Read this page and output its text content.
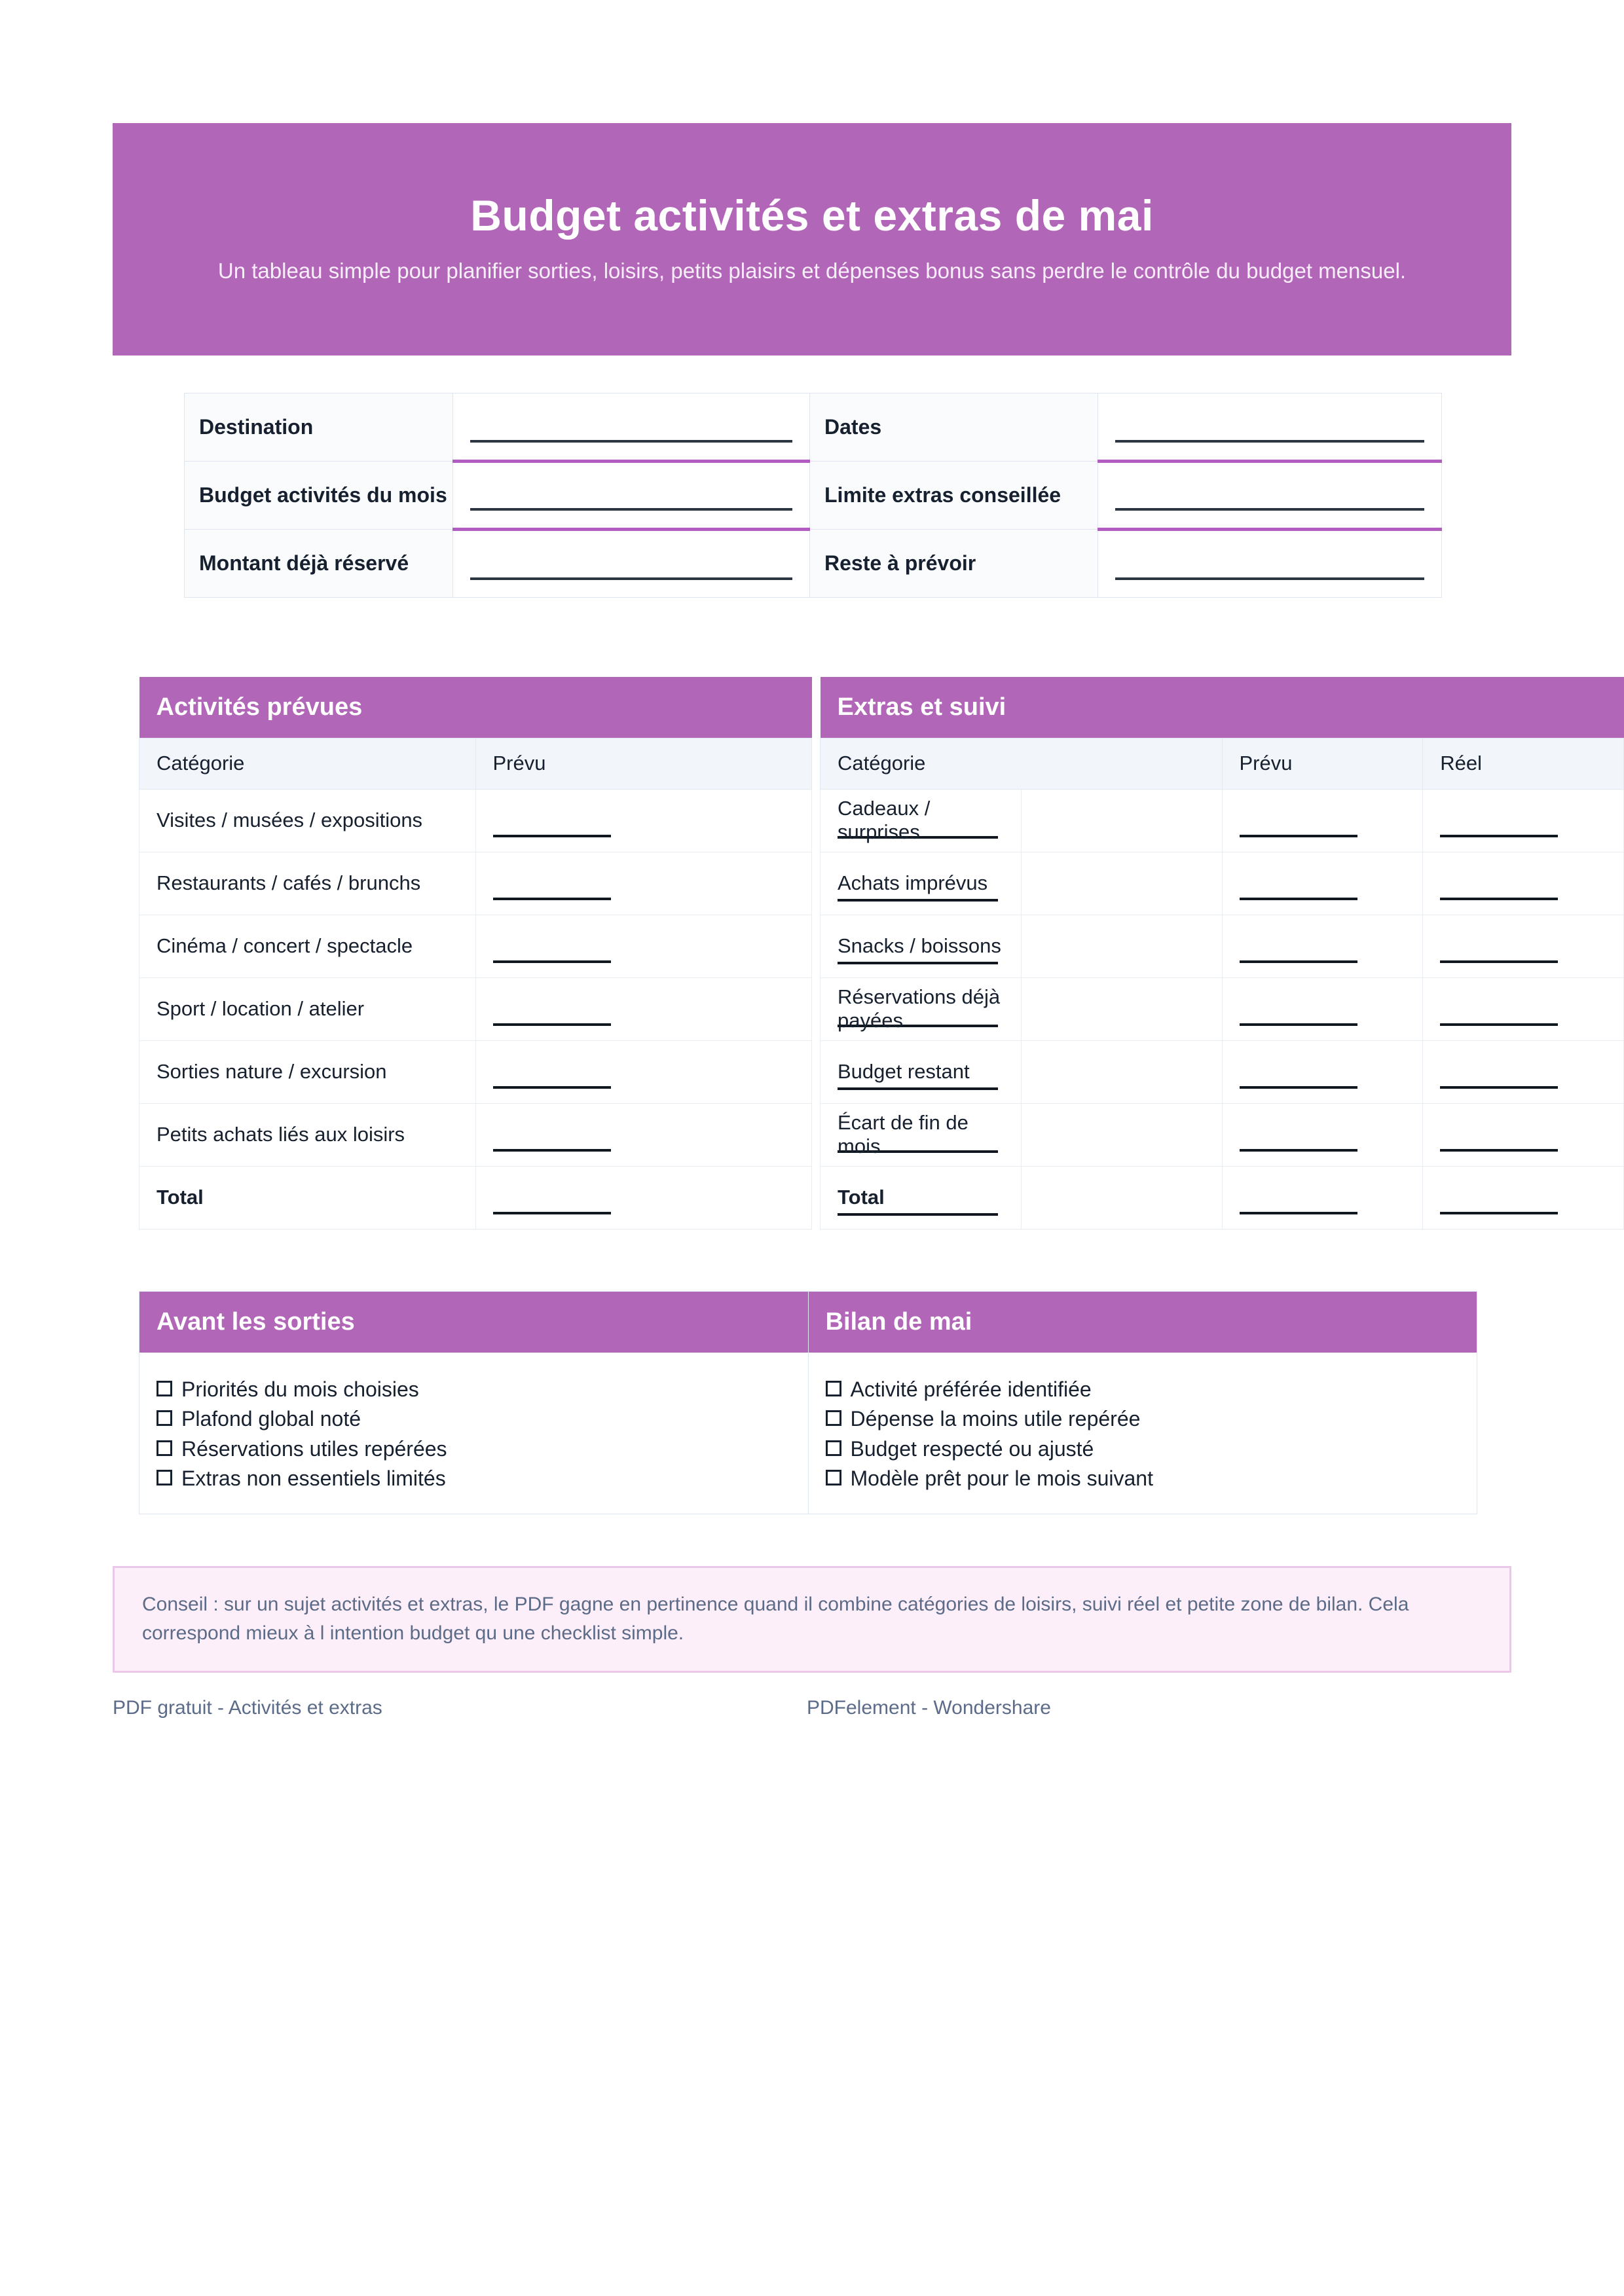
Budget activités et extras de mai

Un tableau simple pour planifier sorties, loisirs, petits plaisirs et dépenses bonus sans perdre le contrôle du budget mensuel.

Destination		Dates	

Budget activités du mois		Limite extras conseillée	

Montant déjà réservé		Reste à prévoir	
Activités prévues	
Catégorie	Prévu
Visites / musées / expositions	

Restaurants / cafés / brunchs	

Cinéma / concert / spectacle	

Sport / location / atelier	

Sorties nature / excursion	

Petits achats liés aux loisirs	

Total	
Extras et suivi			
Catégorie		Prévu	Réel

Cadeaux / surprises		

Achats imprévus		

Snacks / boissons		

Réservations déjà payées		

Budget restant		

Écart de fin de mois		

Total		

Avant les sorties
Priorités du mois choisies
Plafond global noté
Réservations utiles repérées
Extras non essentiels limités
Bilan de mai
Activité préférée identifiée
Dépense la moins utile repérée
Budget respecté ou ajusté
Modèle prêt pour le mois suivant

Conseil : sur un sujet activités et extras, le PDF gagne en pertinence quand il combine catégories de loisirs, suivi réel et petite zone de bilan. Cela correspond mieux à l intention budget qu une checklist simple.

PDF gratuit - Activités et extras	PDFelement - Wondershare
